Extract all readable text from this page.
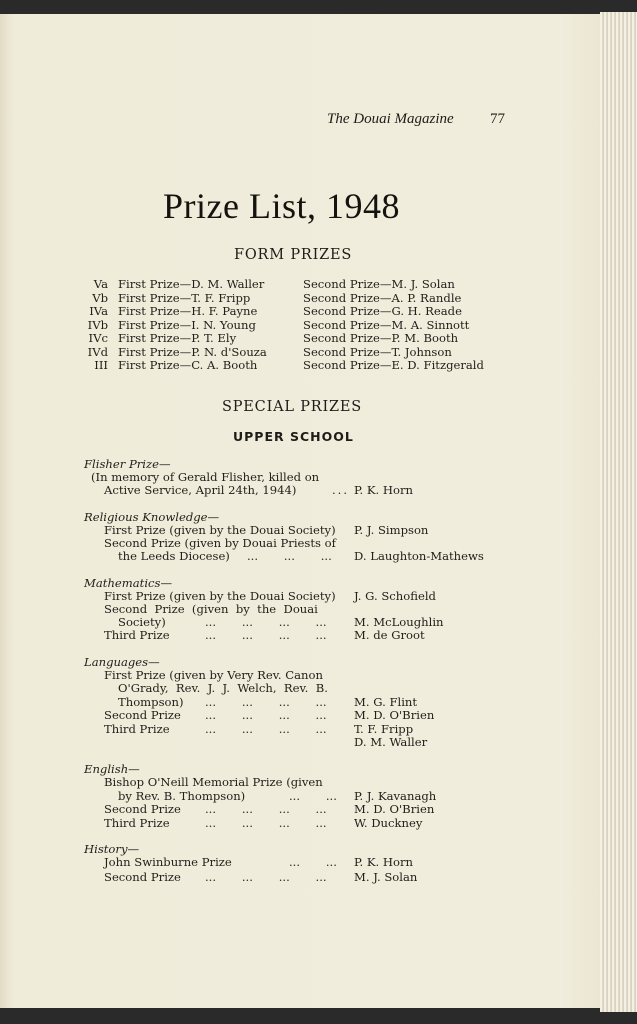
The Douai Magazine 77
Prize List, 1948
FORM PRIZES
Va First Prize—D. M. Waller	Second Prize—M. J. Solan
Vb First Prize—T. F. Fripp	Second Prize—A. P. Randle
IVa First Prize—H. F. Payne	Second Prize—G. H. Reade
IVb First Prize—I. N. Young	Second Prize—M. A. Sinnott
IVc First Prize—P. T. Ely	Second Prize—P. M. Booth
IVd First Prize—P. N. d'Souza	Second Prize—T. Johnson
III First Prize—C. A. Booth	Second Prize—E. D. Fitzgerald
SPECIAL PRIZES
UPPER SCHOOL
Flisher Prize—
(In memory of Gerald Flisher, killed on
Active Service, April 24th, 1944)	... P. K. Horn
Religious Knowledge—
First Prize (given by the Douai Society) P. J. Simpson
Second Prize (given by Douai Priests of
the Leeds Diocese) ...       ...       ... D. Laughton-Mathews
Mathematics—
First Prize (given by the Douai Society) J. G. Schofield
Second  Prize  (given  by  the  Douai
Society)	...       ...       ...       ... M. McLoughlin
Third Prize	...       ...       ...       ... M. de Groot
Languages—
First Prize (given by Very Rev. Canon
O'Grady,  Rev.  J.  J.  Welch,  Rev.  B.
Thompson) ...       ...       ...       ... M. G. Flint
Second Prize ...       ...       ...       ... M. D. O'Brien
Third Prize	...       ...       ...       ... T. F. Fripp
D. M. Waller
English—
Bishop O'Neill Memorial Prize (given
by Rev. B. Thompson)	...       ... P. J. Kavanagh
Second Prize ...       ...       ...       ... M. D. O'Brien
Third Prize	...       ...       ...       ... W. Duckney
History—
John Swinburne Prize	...       ... P. K. Horn
Second Prize ...       ...       ...       ... M. J. Solan
